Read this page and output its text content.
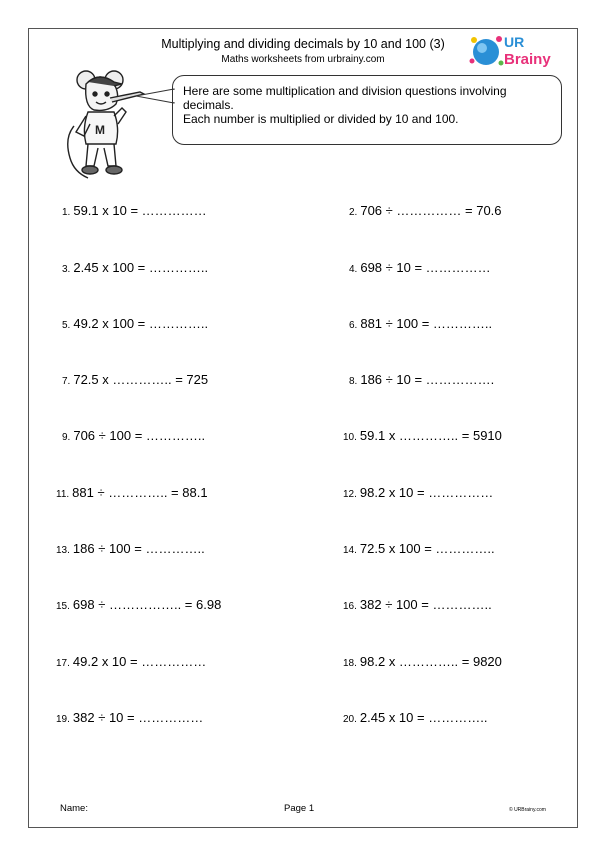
Multiplying and dividing decimals by 10 and 100 (3)
Maths worksheets from urbrainy.com
UR
Brainy
M

Here are some multiplication and division questions involving decimals.

Each number is multiplied or divided by 10 and 100.

1. 59.1 x 10 = ……………	2. 706 ÷ …………… = 70.6
3. 2.45 x 100 = …………..	4. 698 ÷ 10 = ……………
5. 49.2 x 100 = …………..	6. 881 ÷ 100 = …………..
7. 72.5 x ………….. = 725	8. 186 ÷ 10 = …………….
9. 706 ÷ 100 = …………..	10. 59.1 x ………….. = 5910
11. 881 ÷ ………….. = 88.1	12. 98.2 x 10 = ……………
13. 186 ÷ 100 = …………..	14. 72.5 x 100 = …………..
15. 698 ÷ …………….. = 6.98	16. 382 ÷ 100 = …………..
17. 49.2 x 10 = ……………	18. 98.2 x ………….. = 9820
19. 382 ÷ 10 = ……………	20. 2.45 x 10 = …………..
Name:	Page 1	© URBrainy.com
